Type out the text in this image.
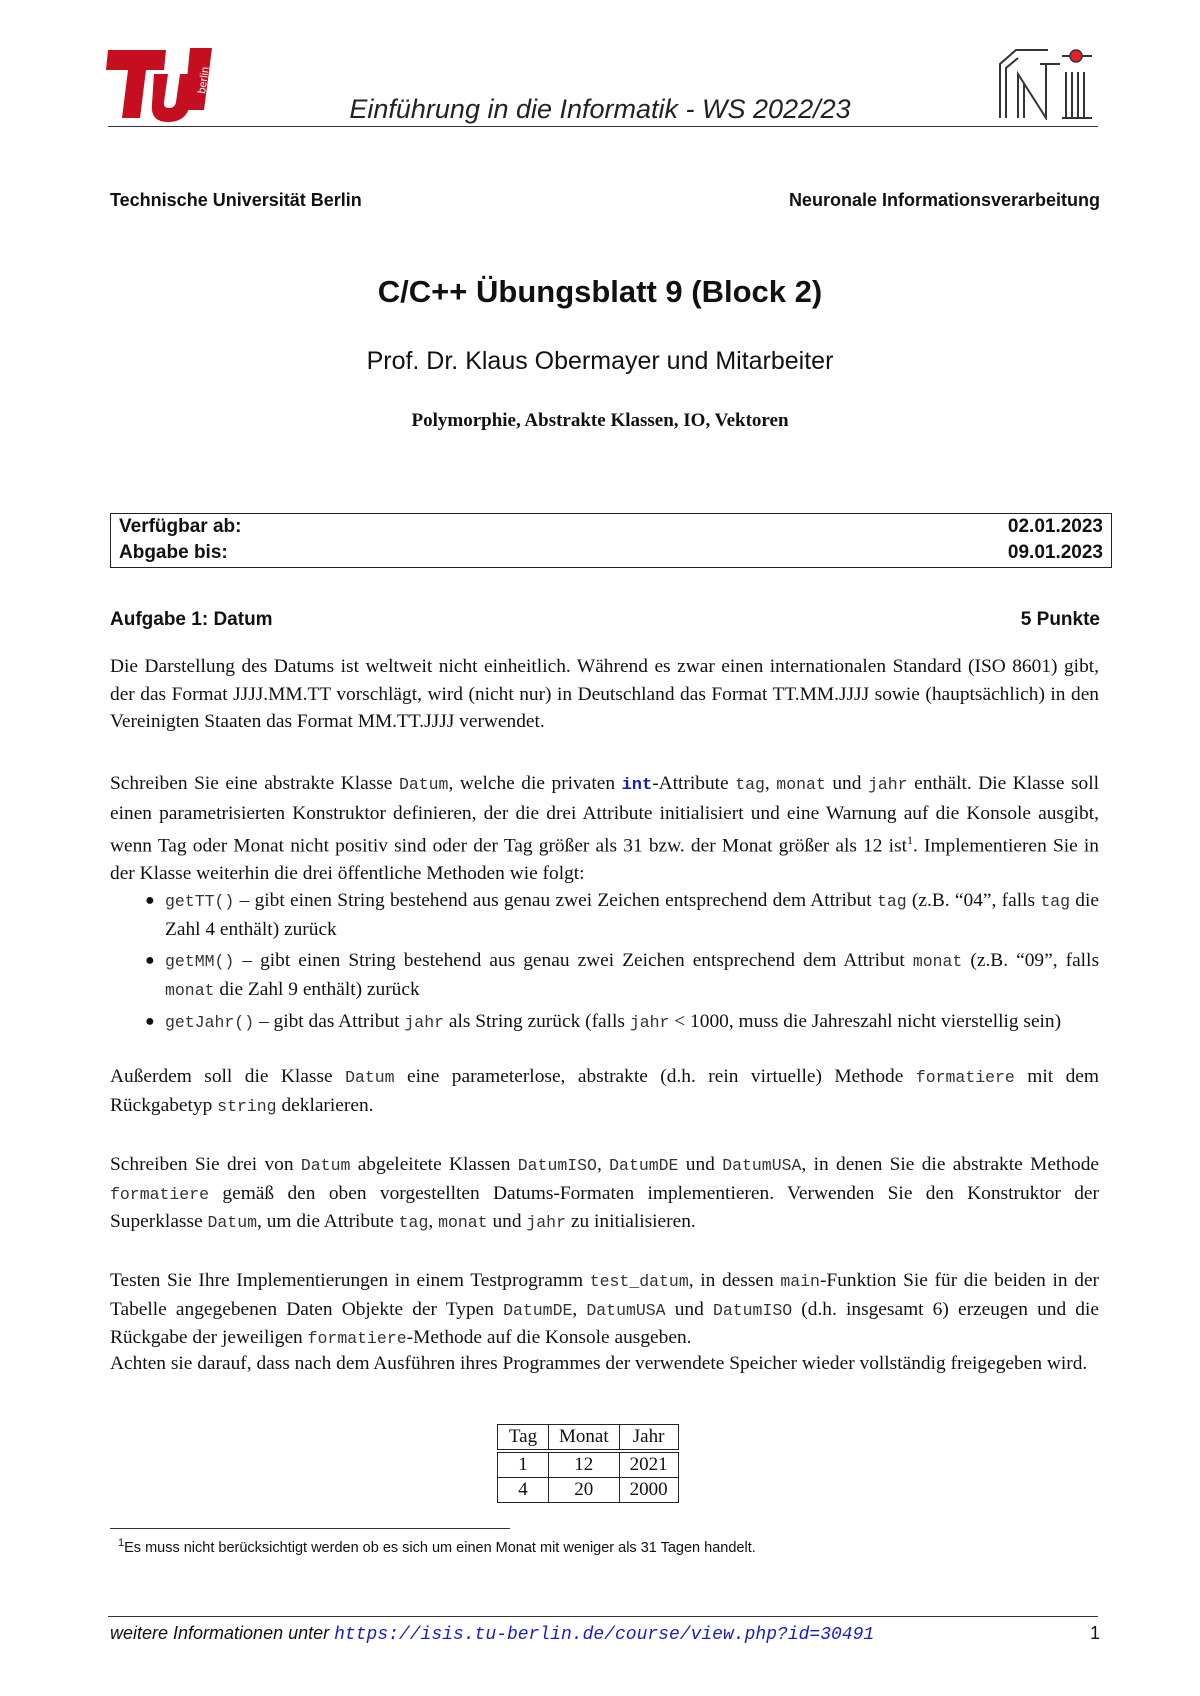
berlin
Einführung in die Informatik - WS 2022/23
Technische Universität Berlin	Neuronale Informationsverarbeitung
C/C++ Übungsblatt 9 (Block 2)
Prof. Dr. Klaus Obermayer und Mitarbeiter
Polymorphie, Abstrakte Klassen, IO, Vektoren
Verfügbar ab:	02.01.2023
Abgabe bis:	09.01.2023
Aufgabe 1: Datum	5 Punkte
Die Darstellung des Datums ist weltweit nicht einheitlich. Während es zwar einen internationalen Standard (ISO 8601) gibt, der das Format JJJJ.MM.TT vorschlägt, wird (nicht nur) in Deutschland das Format TT.MM.JJJJ sowie (hauptsächlich) in den Vereinigten Staaten das Format MM.TT.JJJJ verwendet.
Schreiben Sie eine abstrakte Klasse Datum, welche die privaten int-Attribute tag, monat und jahr enthält. Die Klasse soll einen parametrisierten Konstruktor definieren, der die drei Attribute initialisiert und eine Warnung auf die Konsole ausgibt, wenn Tag oder Monat nicht positiv sind oder der Tag größer als 31 bzw. der Monat größer als 12 ist$^1$. Implementieren Sie in der Klasse weiterhin die drei öffentliche Methoden wie folgt:
● getTT() – gibt einen String bestehend aus genau zwei Zeichen entsprechend dem Attribut tag (z.B. “04”, falls tag die Zahl 4 enthält) zurück
● getMM() – gibt einen String bestehend aus genau zwei Zeichen entsprechend dem Attribut monat (z.B. “09”, falls monat die Zahl 9 enthält) zurück
● getJahr() – gibt das Attribut jahr als String zurück (falls jahr < 1000, muss die Jahreszahl nicht vierstellig sein)
Außerdem soll die Klasse Datum eine parameterlose, abstrakte (d.h. rein virtuelle) Methode formatiere mit dem Rückgabetyp string deklarieren.
Schreiben Sie drei von Datum abgeleitete Klassen DatumISO, DatumDE und DatumUSA, in denen Sie die abstrakte Methode formatiere gemäß den oben vorgestellten Datums-Formaten implementieren. Verwenden Sie den Konstruktor der Superklasse Datum, um die Attribute tag, monat und jahr zu initialisieren.
Testen Sie Ihre Implementierungen in einem Testprogramm test_datum, in dessen main-Funktion Sie für die beiden in der Tabelle angegebenen Daten Objekte der Typen DatumDE, DatumUSA und DatumISO (d.h. insgesamt 6) erzeugen und die Rückgabe der jeweiligen formatiere-Methode auf die Konsole ausgeben.
Achten sie darauf, dass nach dem Ausführen ihres Programmes der verwendete Speicher wieder vollständig freigegeben wird.
Tag	Monat	Jahr
1	12	2021
4	20	2000
$^1$Es muss nicht berücksichtigt werden ob es sich um einen Monat mit weniger als 31 Tagen handelt.
weitere Informationen unter https://isis.tu-berlin.de/course/view.php?id=30491	1
